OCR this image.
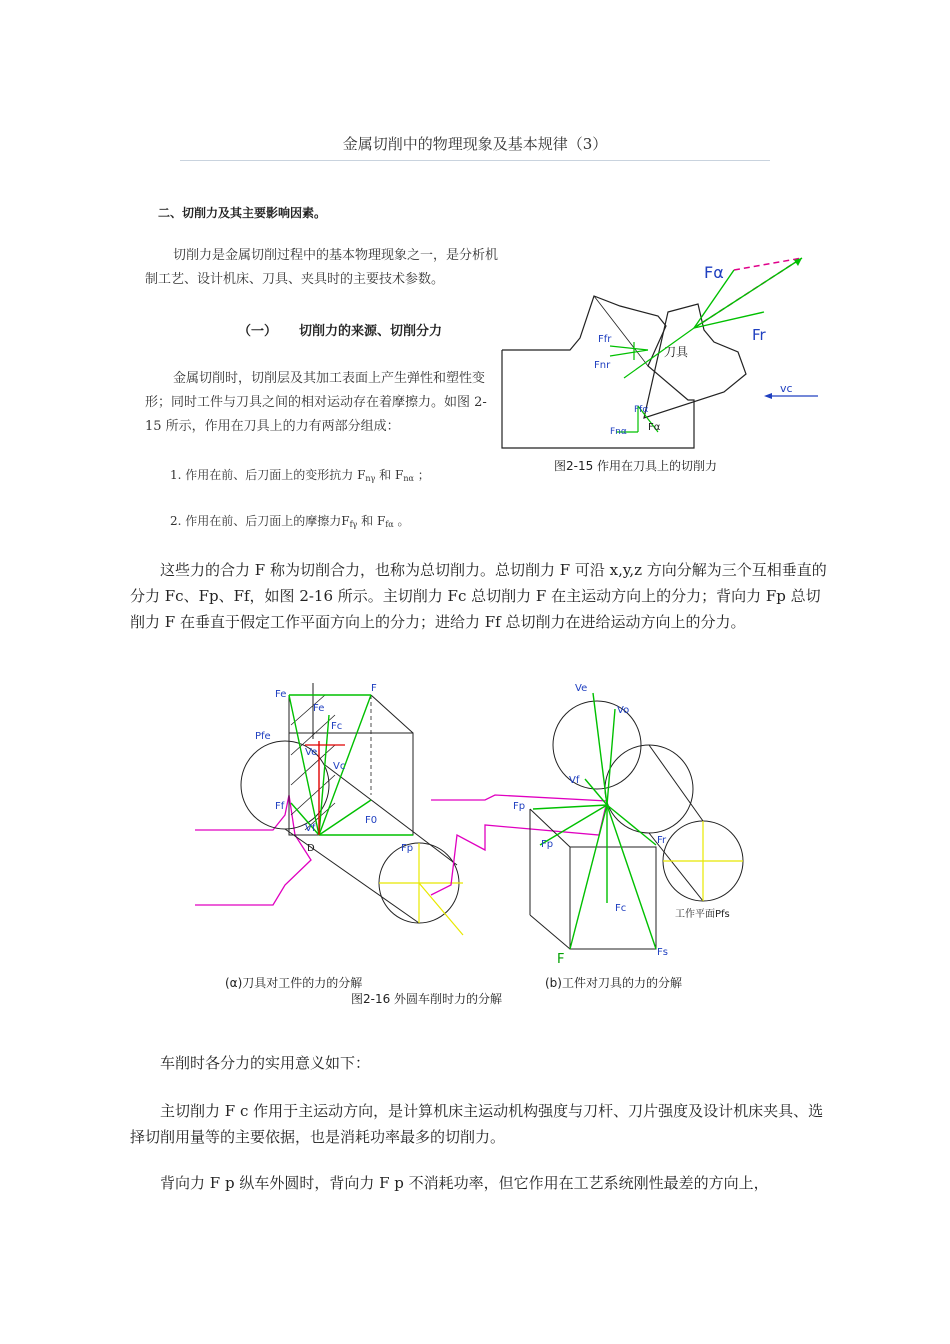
金属切削中的物理现象及基本规律（3）
二、切削力及其主要影响因素。
切削力是金属切削过程中的基本物理现象之一，是分析机制工艺、设计机床、刀具、夹具时的主要技术参数。
（一） 切削力的来源、切削分力
金属切削时，切削层及其加工表面上产生弹性和塑性变形；同时工件与刀具之间的相对运动存在着摩擦力。如图 2-15 所示，作用在刀具上的力有两部分组成：
1. 作用在前、后刀面上的变形抗力 $F_{n\gamma}$ 和 $F_{n\alpha}$ ；
2. 作用在前、后刀面上的摩擦力$F_{f\gamma}$ 和 $F_{f\alpha}$ 。
刀具
Fα
Fr
Ffr
Fnr
Ffα
Fnα Fα
vc
图2-15 作用在刀具上的切削力
这些力的合力 F 称为切削合力，也称为总切削力。总切削力 F 可沿 x,y,z 方向分解为三个互相垂直的分力 Fc、Fp、Ff，如图 2-16 所示。主切削力 Fc 总切削力 F 在主运动方向上的分力；背向力 Fp 总切削力 F 在垂直于假定工作平面方向上的分力；进给力 Ff 总切削力在进给运动方向上的分力。
Fe
F
Fe
Fc
Pfe
Ve
Vc
Ff
Vf
F0
Fp
D
Ve
Vo
Vf
Fp
Fp	Fr
Fc
工作平面Pfs
Fs
F
(α)刀具对工件的力的分解	(b)工件对刀具的力的分解
图2-16 外圆车削时力的分解
车削时各分力的实用意义如下：
主切削力 F c 作用于主运动方向，是计算机床主运动机构强度与刀杆、刀片强度及设计机床夹具、选择切削用量等的主要依据，也是消耗功率最多的切削力。
背向力 F p 纵车外圆时，背向力 F p 不消耗功率，但它作用在工艺系统刚性最差的方向上，
